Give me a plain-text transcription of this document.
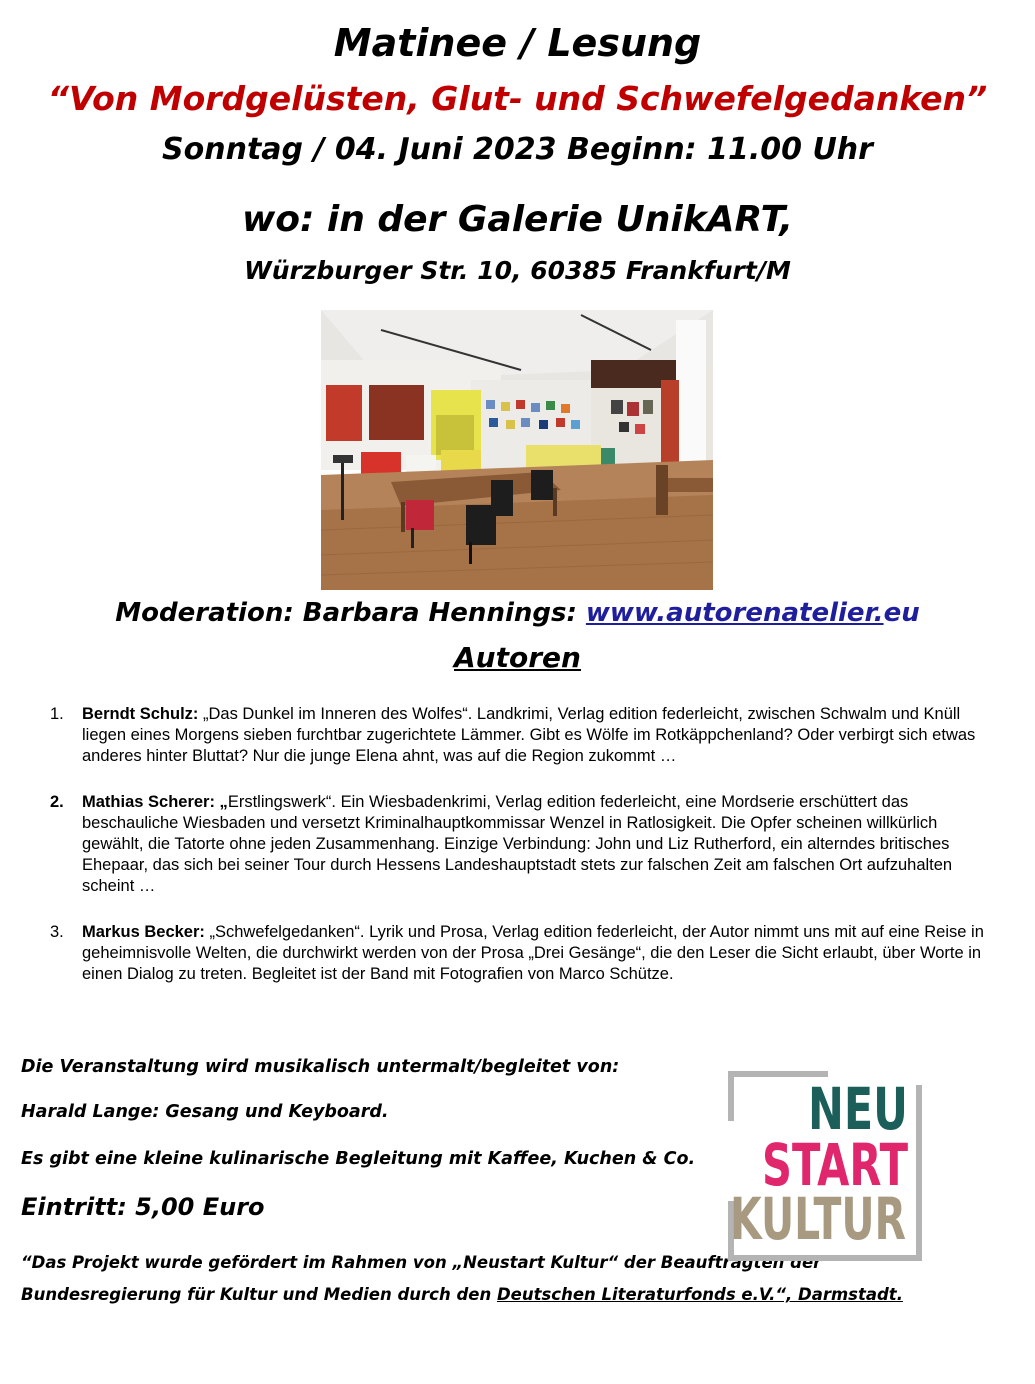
Matinee / Lesung
“Von Mordgelüsten, Glut- und Schwefelgedanken”
Sonntag / 04. Juni 2023 Beginn: 11.00 Uhr
wo: in der Galerie UnikART,
Würzburger Str. 10, 60385 Frankfurt/M
Moderation: Barbara Hennings: www.autorenatelier.eu
Autoren
1. Berndt Schulz: „Das Dunkel im Inneren des Wolfes“. Landkrimi, Verlag edition federleicht, zwischen Schwalm und Knüll liegen eines Morgens sieben furchtbar zugerichtete Lämmer. Gibt es Wölfe im Rotkäppchenland? Oder verbirgt sich etwas anderes hinter Bluttat? Nur die junge Elena ahnt, was auf die Region zukommt …
2. Mathias Scherer: „Erstlingswerk“. Ein Wiesbadenkrimi, Verlag edition federleicht, eine Mordserie erschüttert das beschauliche Wiesbaden und versetzt Kriminalhauptkommissar Wenzel in Ratlosigkeit. Die Opfer scheinen willkürlich gewählt, die Tatorte ohne jeden Zusammenhang. Einzige Verbindung: John und Liz Rutherford, ein alterndes britisches Ehepaar, das sich bei seiner Tour durch Hessens Landeshauptstadt stets zur falschen Zeit am falschen Ort aufzuhalten scheint …
3. Markus Becker: „Schwefelgedanken“. Lyrik und Prosa, Verlag edition federleicht, der Autor nimmt uns mit auf eine Reise in geheimnisvolle Welten, die durchwirkt werden von der Prosa „Drei Gesänge“, die den Leser die Sicht erlaubt, über Worte in einen Dialog zu treten. Begleitet ist der Band mit Fotografien von Marco Schütze.
Die Veranstaltung wird musikalisch untermalt/begleitet von:
Harald Lange: Gesang und Keyboard.
Es gibt eine kleine kulinarische Begleitung mit Kaffee, Kuchen & Co.
Eintritt: 5,00 Euro
“Das Projekt wurde gefördert im Rahmen von „Neustart Kultur“ der Beauftragten der Bundesregierung für Kultur und Medien durch den Deutschen Literaturfonds e.V.“, Darmstadt.
NEU
START
KULTUR
